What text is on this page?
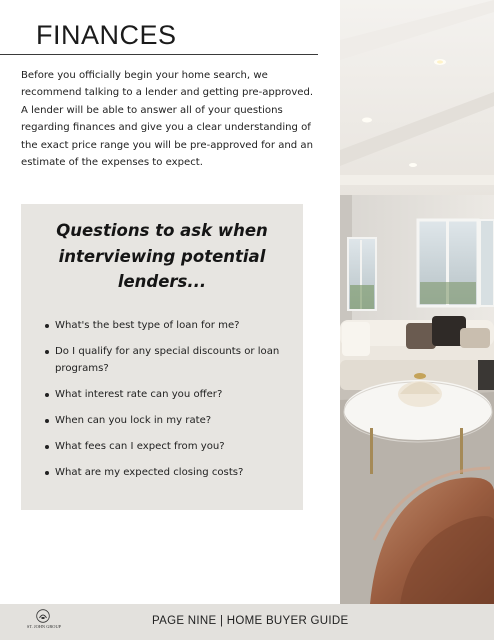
FINANCES

Before you officially begin your home search, we recommend talking to a lender and getting pre-approved. A lender will be able to answer all of your questions regarding finances and give you a clear understanding of the exact price range you will be pre-approved for and an estimate of the expenses to expect.

Questions to ask when interviewing potential lenders...
What's the best type of loan for me?
Do I qualify for any special discounts or loan programs?
What interest rate can you offer?
When can you lock in my rate?
What fees can I expect from you?
What are my expected closing costs?
ST. JOHN GROUP	PAGE NINE | HOME BUYER GUIDE
